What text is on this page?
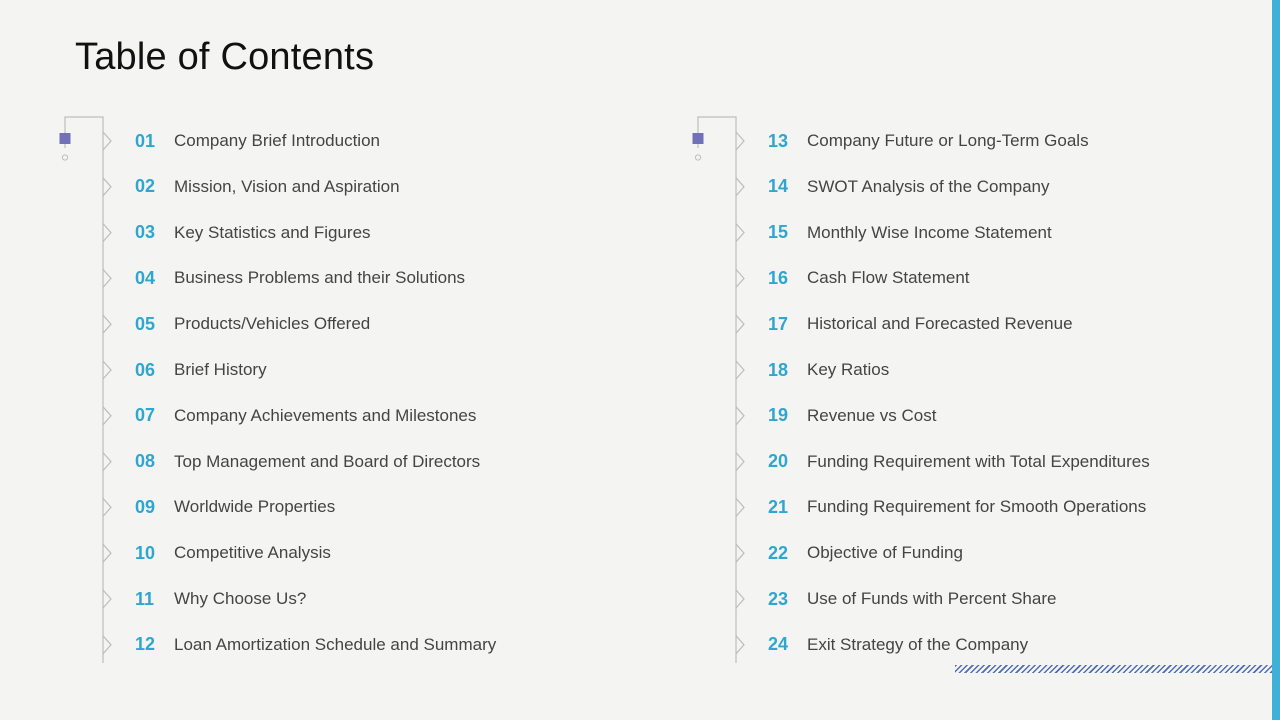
Table of Contents
01	Company Brief Introduction
02	Mission, Vision and Aspiration
03	Key Statistics and Figures
04	Business Problems and their Solutions
05	Products/Vehicles Offered
06	Brief History
07	Company Achievements and Milestones
08	Top Management and Board of Directors
09	Worldwide Properties
10	Competitive Analysis
11	Why Choose Us?
12	Loan Amortization Schedule and Summary
13	Company Future or Long-Term Goals
14	SWOT Analysis of the Company
15	Monthly Wise Income Statement
16	Cash Flow Statement
17	Historical and Forecasted Revenue
18	Key Ratios
19	Revenue vs Cost
20	Funding Requirement with Total Expenditures
21	Funding Requirement for Smooth Operations
22	Objective of Funding
23	Use of Funds with Percent Share
24	Exit Strategy of the Company
